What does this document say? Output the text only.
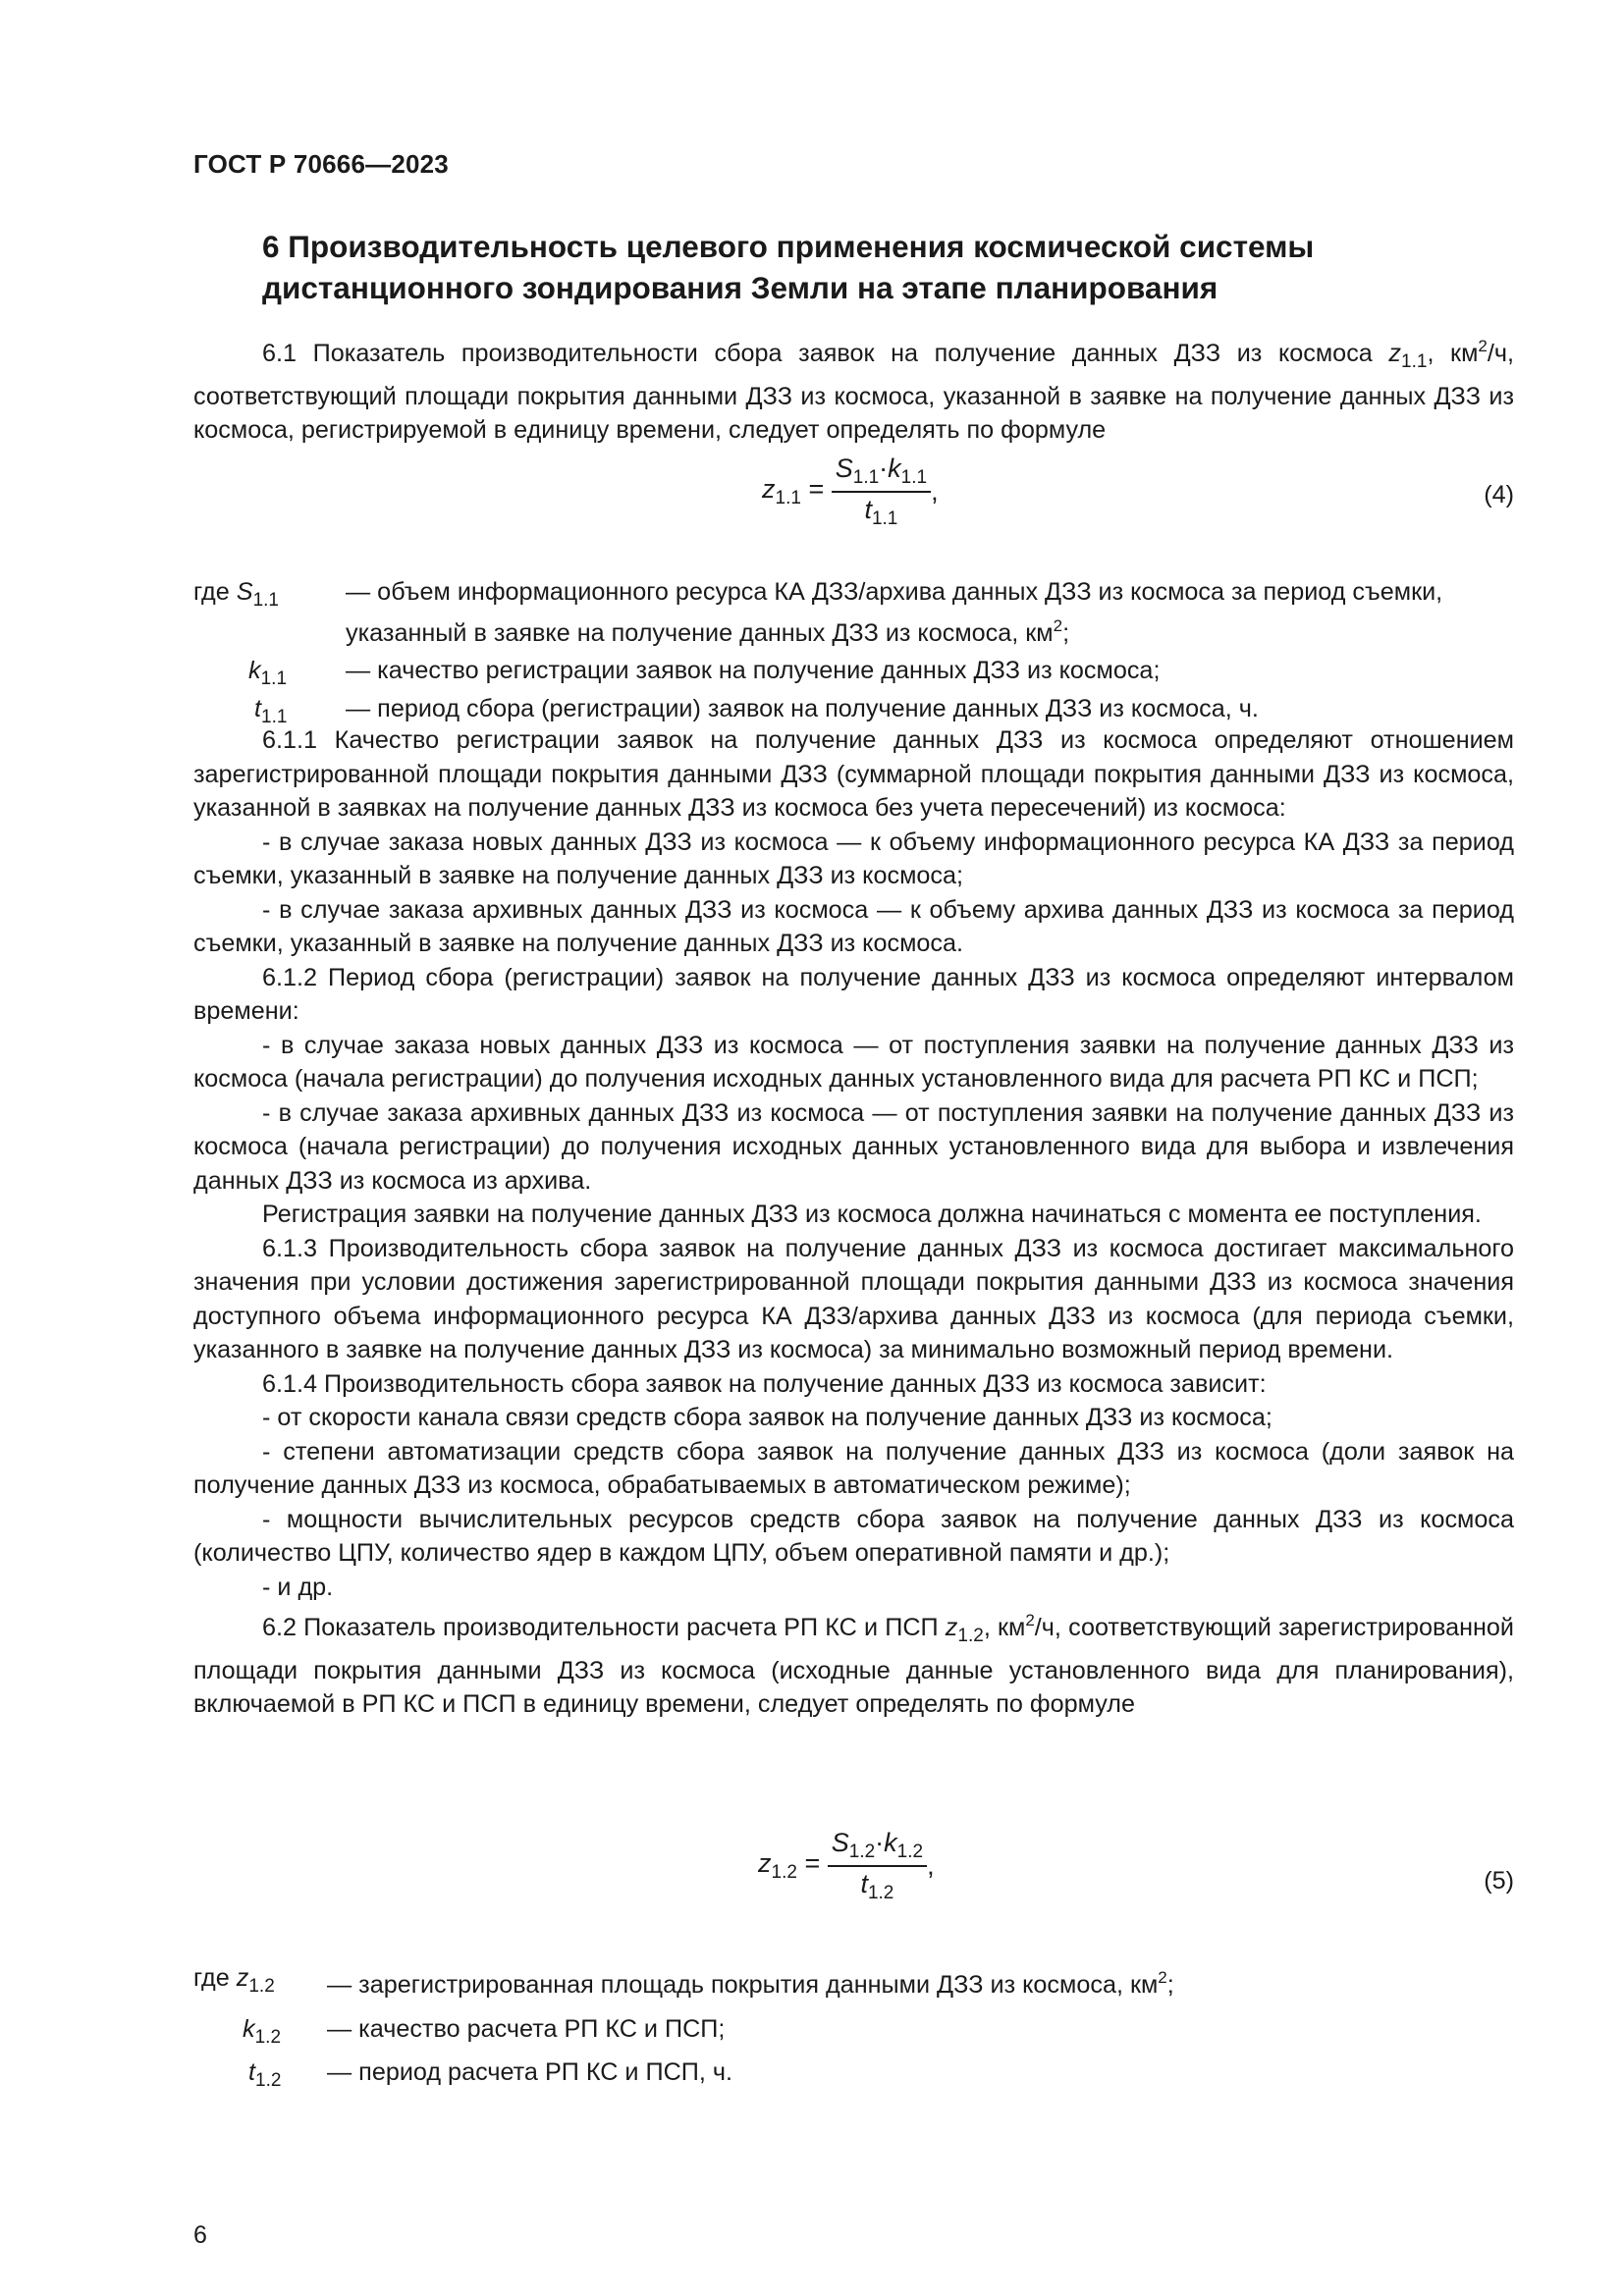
ГОСТ Р 70666—2023
6 Производительность целевого применения космической системы
дистанционного зондирования Земли на этапе планирования

6.1 Показатель производительности сбора заявок на получение данных ДЗЗ из космоса $z_{1.1}$, $км^2/ч$, соответствующий площади покрытия данными ДЗЗ из космоса, указанной в заявке на получение данных ДЗЗ из космоса, регистрируемой в единицу времени, следует определять по формуле

$z_{1.1} = \frac{S_{1.1}\cdot k_{1.1}}{t_{1.1}}$ ,	(4)
где $S_{1.1}$	— объем информационного ресурса КА ДЗЗ/архива данных ДЗЗ из космоса за период съемки, указанный в заявке на получение данных ДЗЗ из космоса, $км^2$;
$k_{1.1}$ — качество регистрации заявок на получение данных ДЗЗ из космоса;
$t_{1.1}$ — период сбора (регистрации) заявок на получение данных ДЗЗ из космоса, ч.

6.1.1 Качество регистрации заявок на получение данных ДЗЗ из космоса определяют отношением зарегистрированной площади покрытия данными ДЗЗ (суммарной площади покрытия данными ДЗЗ из космоса, указанной в заявках на получение данных ДЗЗ из космоса без учета пересечений) из космоса:

- в случае заказа новых данных ДЗЗ из космоса — к объему информационного ресурса КА ДЗЗ за период съемки, указанный в заявке на получение данных ДЗЗ из космоса;

- в случае заказа архивных данных ДЗЗ из космоса — к объему архива данных ДЗЗ из космоса за период съемки, указанный в заявке на получение данных ДЗЗ из космоса.

6.1.2 Период сбора (регистрации) заявок на получение данных ДЗЗ из космоса определяют интервалом времени:

- в случае заказа новых данных ДЗЗ из космоса — от поступления заявки на получение данных ДЗЗ из космоса (начала регистрации) до получения исходных данных установленного вида для расчета РП КС и ПСП;

- в случае заказа архивных данных ДЗЗ из космоса — от поступления заявки на получение данных ДЗЗ из космоса (начала регистрации) до получения исходных данных установленного вида для выбора и извлечения данных ДЗЗ из космоса из архива.

Регистрация заявки на получение данных ДЗЗ из космоса должна начинаться с момента ее поступления.

6.1.3 Производительность сбора заявок на получение данных ДЗЗ из космоса достигает максимального значения при условии достижения зарегистрированной площади покрытия данными ДЗЗ из космоса значения доступного объема информационного ресурса КА ДЗЗ/архива данных ДЗЗ из космоса (для периода съемки, указанного в заявке на получение данных ДЗЗ из космоса) за минимально возможный период времени.

6.1.4 Производительность сбора заявок на получение данных ДЗЗ из космоса зависит:

- от скорости канала связи средств сбора заявок на получение данных ДЗЗ из космоса;

- степени автоматизации средств сбора заявок на получение данных ДЗЗ из космоса (доли заявок на получение данных ДЗЗ из космоса, обрабатываемых в автоматическом режиме);

- мощности вычислительных ресурсов средств сбора заявок на получение данных ДЗЗ из космоса (количество ЦПУ, количество ядер в каждом ЦПУ, объем оперативной памяти и др.);

- и др.

6.2 Показатель производительности расчета РП КС и ПСП $z_{1.2}$, $км^2/ч$, соответствующий зарегистрированной площади покрытия данными ДЗЗ из космоса (исходные данные установленного вида для планирования), включаемой в РП КС и ПСП в единицу времени, следует определять по формуле

$z_{1.2} = \frac{S_{1.2}\cdot k_{1.2}}{t_{1.2}}$ ,
(5)
где $z_{1.2}$ — зарегистрированная площадь покрытия данными ДЗЗ из космоса, $км^2$;
$k_{1.2}$ — качество расчета РП КС и ПСП;
$t_{1.2}$ — период расчета РП КС и ПСП, ч.
6
